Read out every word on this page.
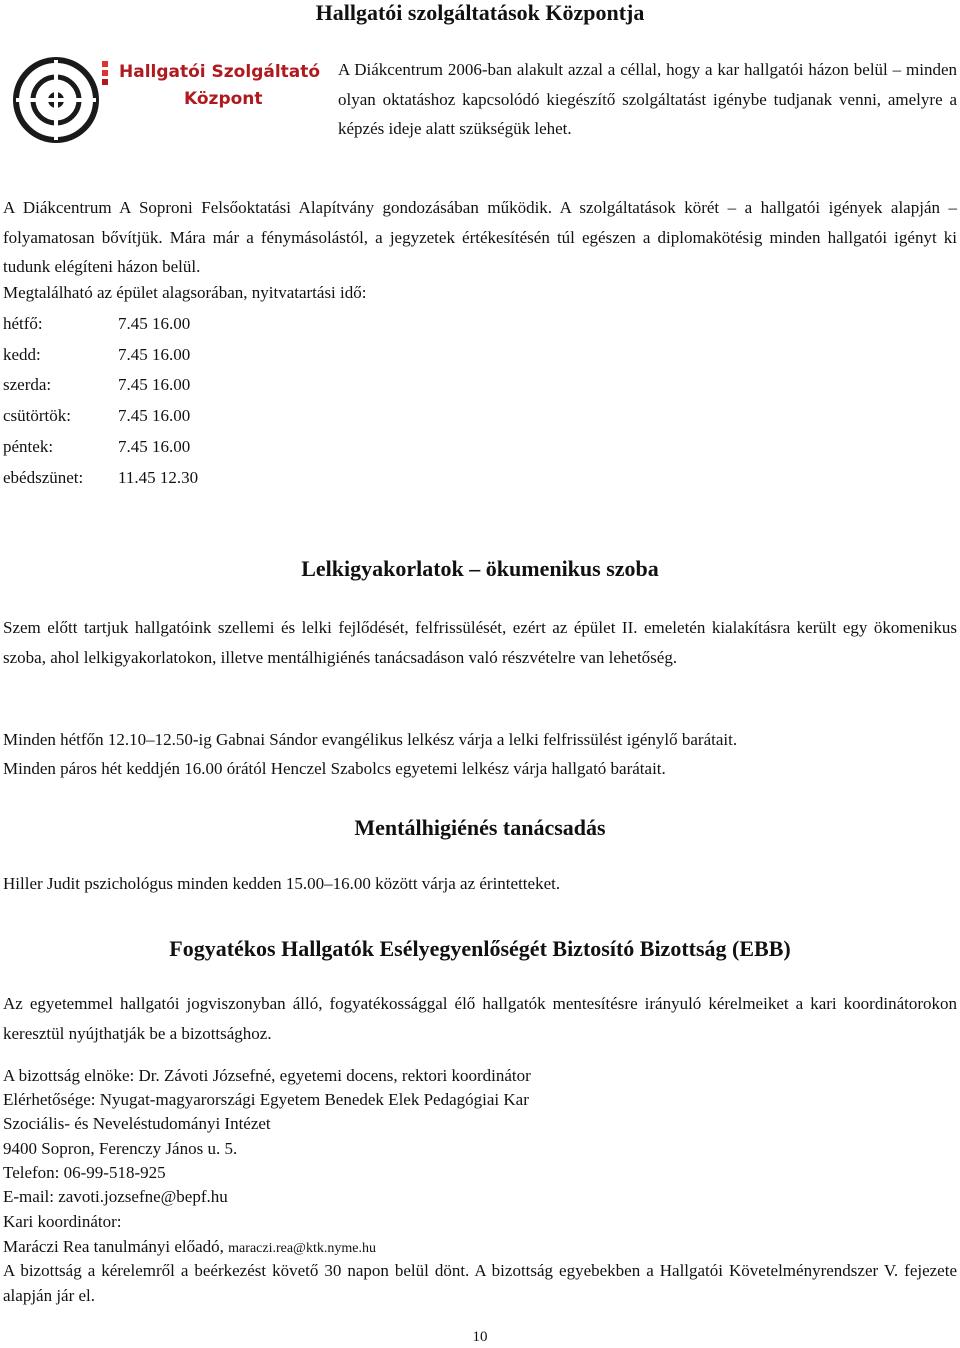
Hallgatói szolgáltatások Központja
Hallgatói Szolgáltató
Központ
A Diákcentrum 2006-ban alakult azzal a céllal, hogy a kar hallgatói házon belül – minden olyan oktatáshoz kapcsolódó kiegészítő szolgáltatást igénybe tudjanak venni, amelyre a képzés ideje alatt szükségük lehet.
A Diákcentrum A Soproni Felsőoktatási Alapítvány gondozásában működik. A szolgáltatások körét – a hallgatói igények alapján – folyamatosan bővítjük. Mára már a fénymásolástól, a jegyzetek értékesítésén túl egészen a diplomakötésig minden hallgatói igényt ki tudunk elégíteni házon belül.
Megtalálható az épület alagsorában, nyitvatartási idő:
hétfő:	7.45 16.00
kedd:	7.45 16.00
szerda:	7.45 16.00
csütörtök:	7.45 16.00
péntek:	7.45 16.00
ebédszünet: 11.45 12.30
Lelkigyakorlatok – ökumenikus szoba
Szem előtt tartjuk hallgatóink szellemi és lelki fejlődését, felfrissülését, ezért az épület II. emeletén kialakításra került egy ökomenikus szoba, ahol lelkigyakorlatokon, illetve mentálhigiénés tanácsadáson való részvételre van lehetőség.
Minden hétfőn 12.10–12.50-ig Gabnai Sándor evangélikus lelkész várja a lelki felfrissülést igénylő barátait.
Minden páros hét keddjén 16.00 órától Henczel Szabolcs egyetemi lelkész várja hallgató barátait.
Mentálhigiénés tanácsadás
Hiller Judit pszichológus minden kedden 15.00–16.00 között várja az érintetteket.
Fogyatékos Hallgatók Esélyegyenlőségét Biztosító Bizottság (EBB)
Az egyetemmel hallgatói jogviszonyban álló, fogyatékossággal élő hallgatók mentesítésre irányuló kérelmeiket a kari koordinátorokon keresztül nyújthatják be a bizottsághoz.
A bizottság elnöke: Dr. Závoti Józsefné, egyetemi docens, rektori koordinátor
Elérhetősége: Nyugat-magyarországi Egyetem Benedek Elek Pedagógiai Kar
Szociális- és Neveléstudományi Intézet
9400 Sopron, Ferenczy János u. 5.
Telefon: 06-99-518-925
E-mail: zavoti.jozsefne@bepf.hu
Kari koordinátor:
Maráczi Rea tanulmányi előadó, maraczi.rea@ktk.nyme.hu
A bizottság a kérelemről a beérkezést követő 30 napon belül dönt. A bizottság egyebekben a Hallgatói Követelményrendszer V. fejezete alapján jár el.
10
